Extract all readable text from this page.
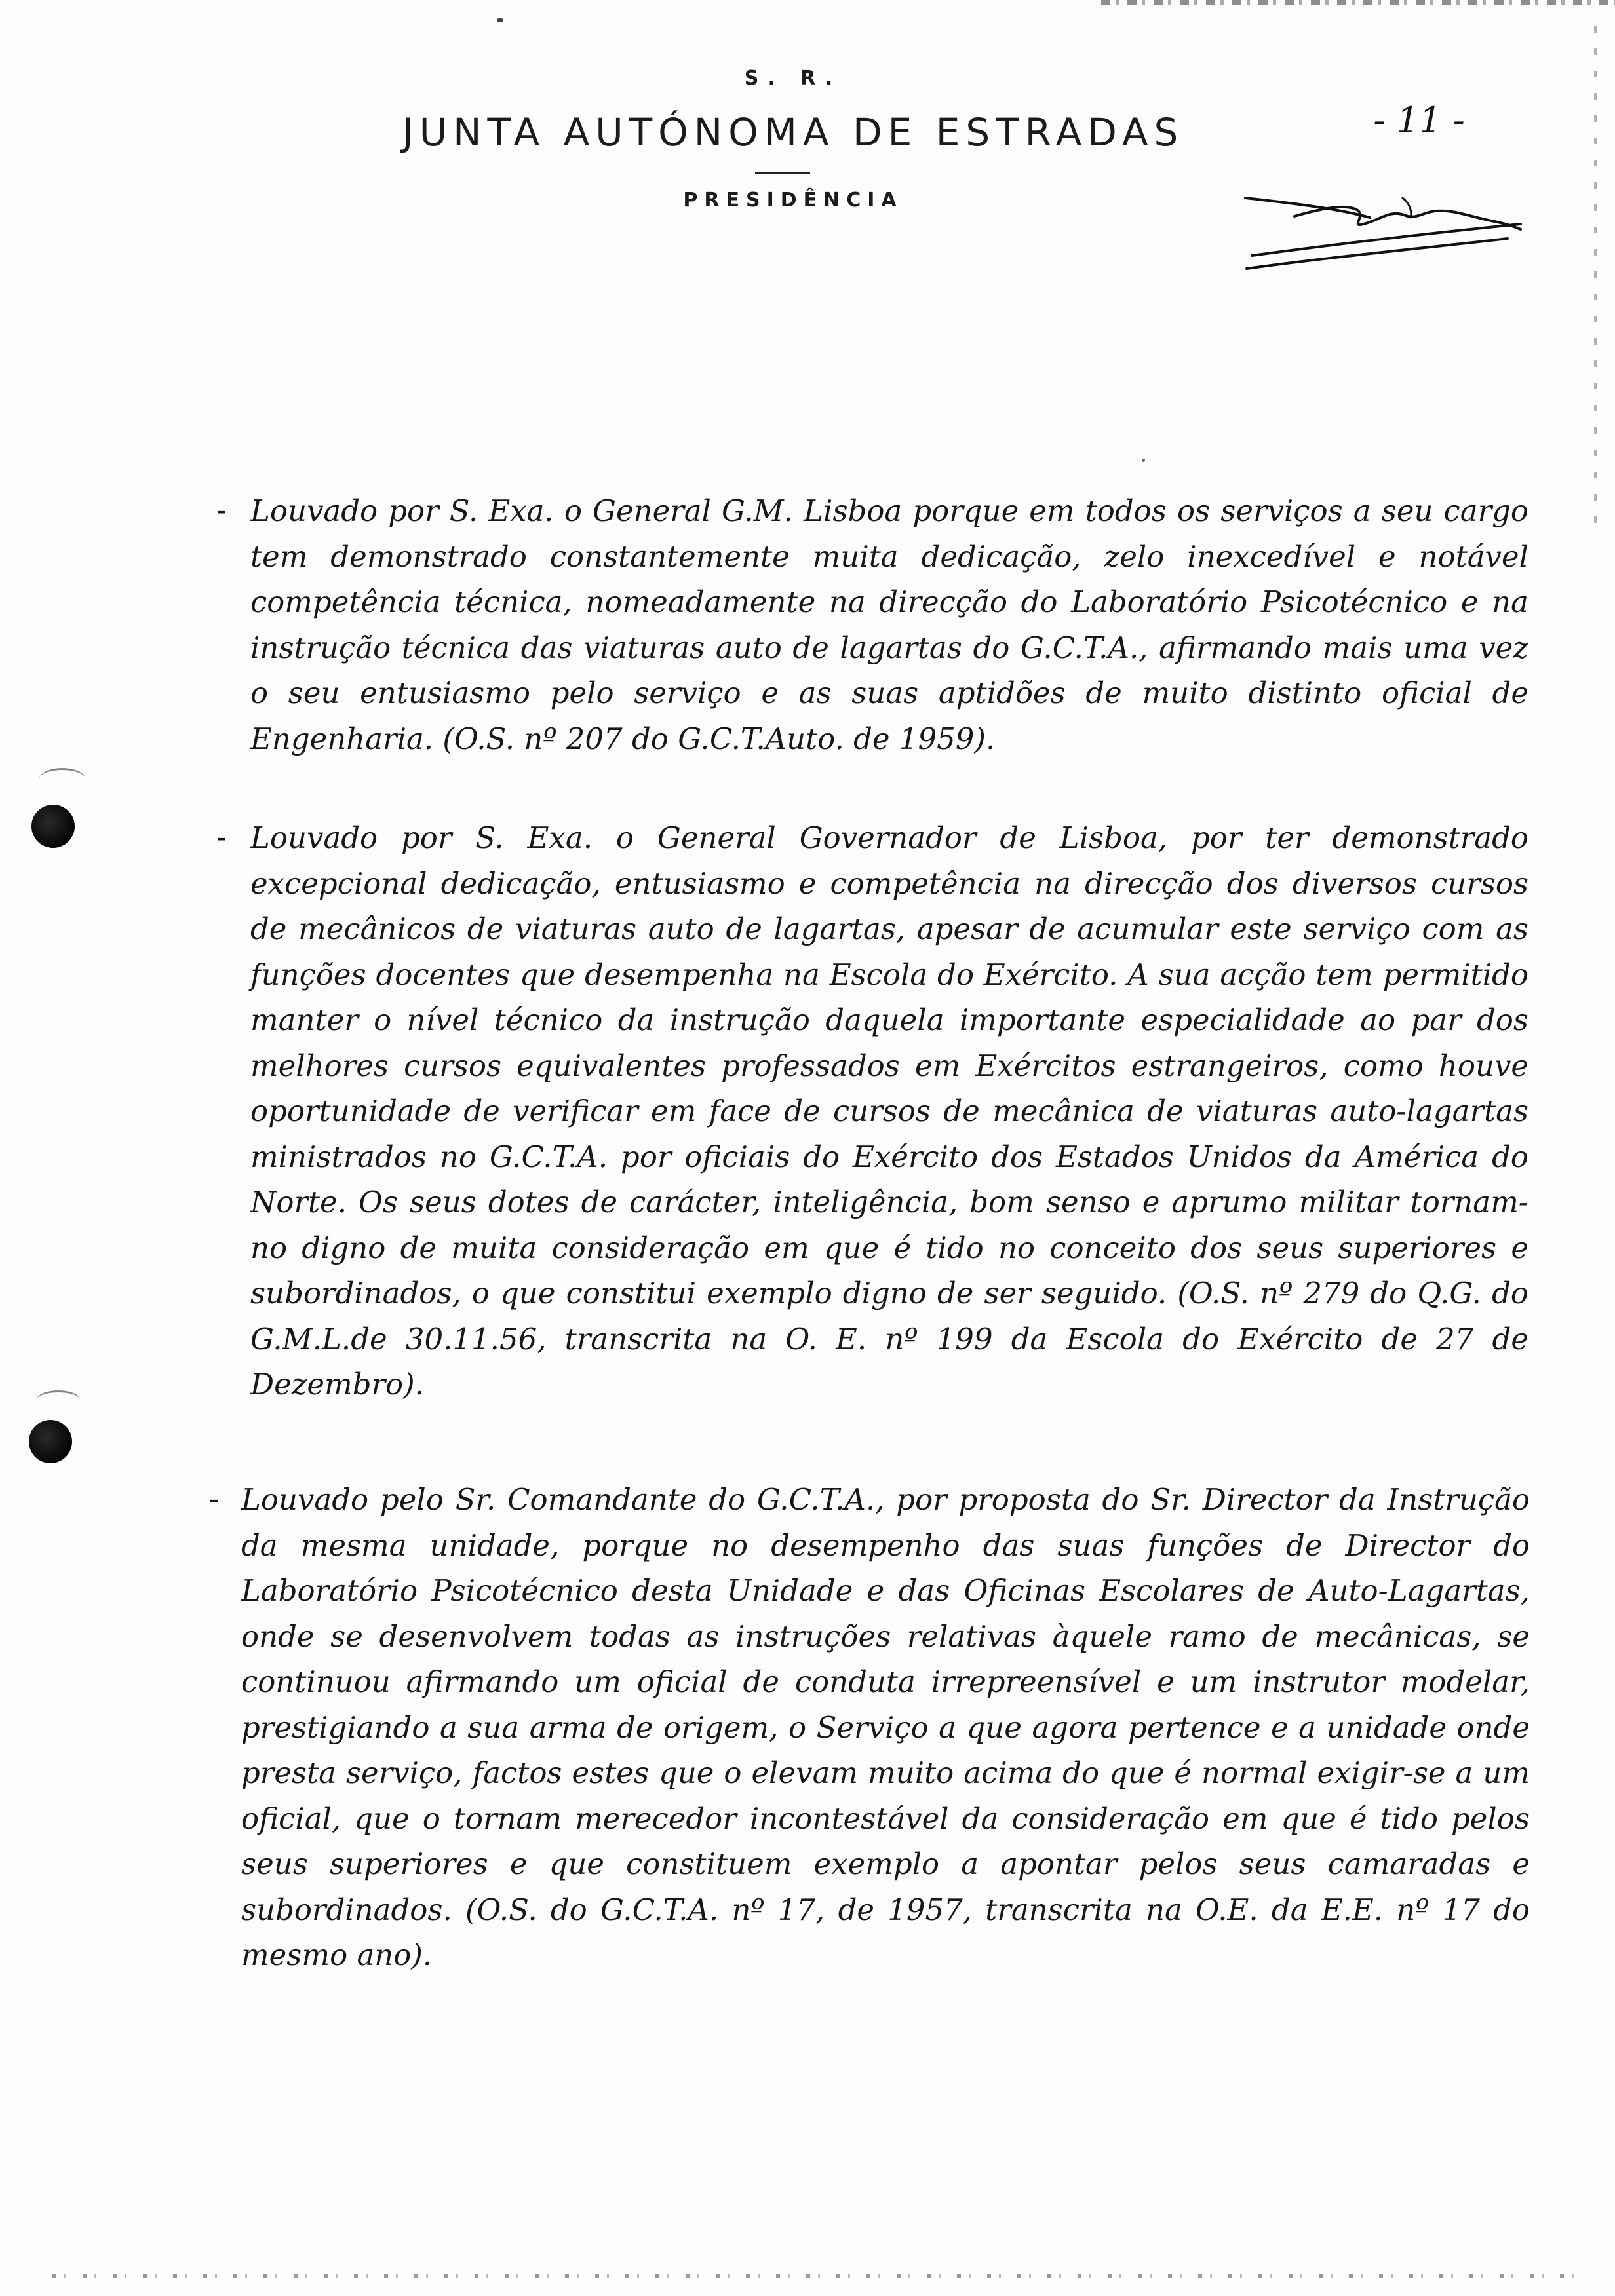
S. R.
JUNTA AUTÓNOMA DE ESTRADAS
PRESIDÊNCIA
- 11 -
- Louvado por S. Exa. o General G.M. Lisboa porque em todos os serviços a seu cargo tem demonstrado constantemente muita dedicação, zelo inexcedível e notável competência técnica, nomeadamente na direcção do Laboratório Psicotécnico e na instrução técnica das viaturas auto de lagartas do G.C.T.A., afirmando mais uma vez o seu entusiasmo pelo serviço e as suas aptidões de muito distinto oficial de Engenharia. (O.S. nº 207 do G.C.T.Auto. de 1959).

- Louvado por S. Exa. o General Governador de Lisboa, por ter demonstrado excepcional dedicação, entusiasmo e competência na direcção dos diversos cursos de mecânicos de viaturas auto de lagartas, apesar de acumular este serviço com as funções docentes que desempenha na Escola do Exército. A sua acção tem permitido manter o nível técnico da instrução daquela importante especialidade ao par dos melhores cursos equivalentes professados em Exércitos estrangeiros, como houve oportunidade de verificar em face de cursos de mecânica de viaturas auto-lagartas ministrados no G.C.T.A. por oficiais do Exército dos Estados Unidos da América do Norte. Os seus dotes de carácter, inteligência, bom senso e aprumo militar tornam-no digno de muita consideração em que é tido no conceito dos seus superiores e subordinados, o que constitui exemplo digno de ser seguido. (O.S. nº 279 do Q.G. do G.M.L.de 30.11.56, transcrita na O. E. nº 199 da Escola do Exército de 27 de Dezembro).

- Louvado pelo Sr. Comandante do G.C.T.A., por proposta do Sr. Director da Instrução da mesma unidade, porque no desempenho das suas funções de Director do Laboratório Psicotécnico desta Unidade e das Oficinas Escolares de Auto-Lagartas, onde se desenvolvem todas as instruções relativas àquele ramo de mecânicas, se continuou afirmando um oficial de conduta irrepreensível e um instrutor modelar, prestigiando a sua arma de origem, o Serviço a que agora pertence e a unidade onde presta serviço, factos estes que o elevam muito acima do que é normal exigir-se a um oficial, que o tornam merecedor incontestável da consideração em que é tido pelos seus superiores e que constituem exemplo a apontar pelos seus camaradas e subordinados. (O.S. do G.C.T.A. nº 17, de 1957, transcrita na O.E. da E.E. nº 17 do mesmo ano).
